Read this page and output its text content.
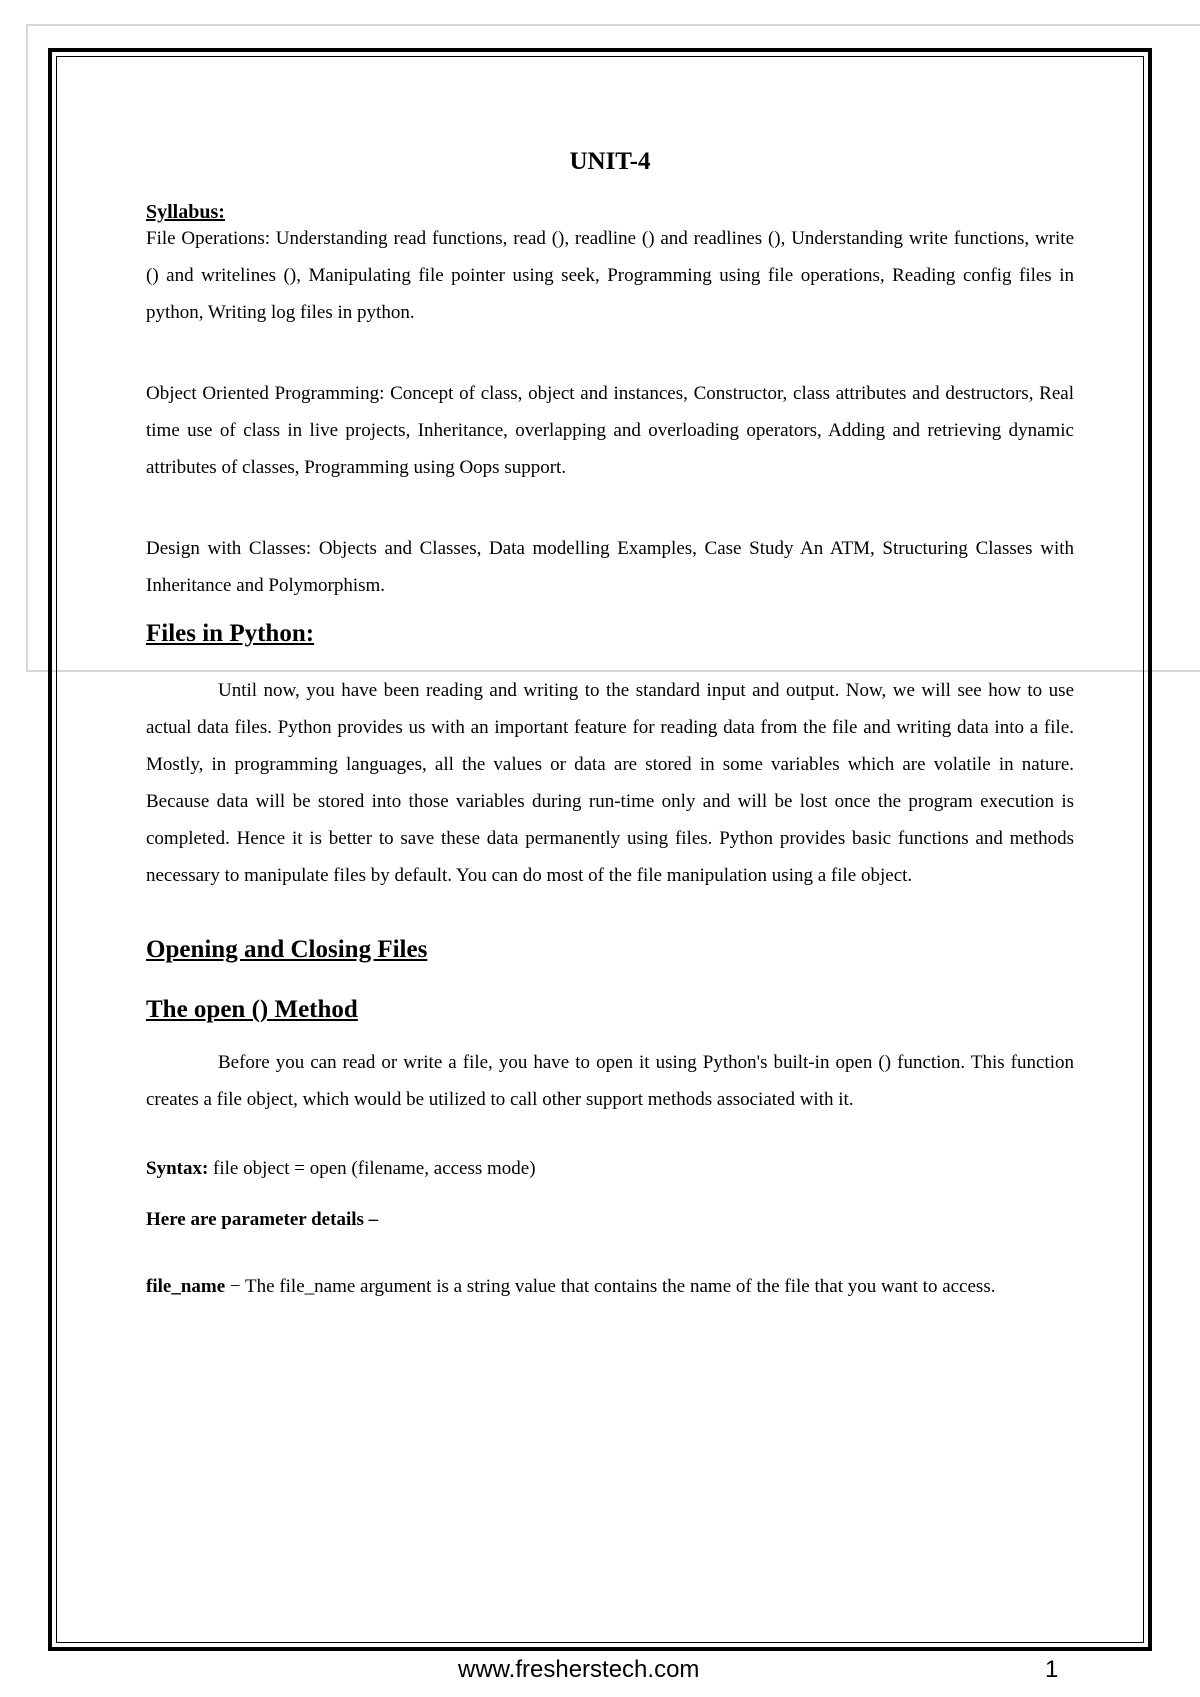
UNIT-4
Syllabus:

File Operations: Understanding read functions, read (), readline () and readlines (), Understanding write functions, write () and writelines (), Manipulating file pointer using seek, Programming using file operations, Reading config files in python, Writing log files in python.

Object Oriented Programming: Concept of class, object and instances, Constructor, class attributes and destructors, Real time use of class in live projects, Inheritance, overlapping and overloading operators, Adding and retrieving dynamic attributes of classes, Programming using Oops support.

Design with Classes: Objects and Classes, Data modelling Examples, Case Study An ATM, Structuring Classes with Inheritance and Polymorphism.

Files in Python:

Until now, you have been reading and writing to the standard input and output. Now, we will see how to use actual data files. Python provides us with an important feature for reading data from the file and writing data into a file. Mostly, in programming languages, all the values or data are stored in some variables which are volatile in nature. Because data will be stored into those variables during run-time only and will be lost once the program execution is completed. Hence it is better to save these data permanently using files. Python provides basic functions and methods necessary to manipulate files by default. You can do most of the file manipulation using a file object.

Opening and Closing Files
The open () Method

Before you can read or write a file, you have to open it using Python's built-in open () function. This function creates a file object, which would be utilized to call other support methods associated with it.

Syntax: file object = open (filename, access mode)

Here are parameter details –

file_name − The file_name argument is a string value that contains the name of the file that you want to access.

www.fresherstech.com	1
